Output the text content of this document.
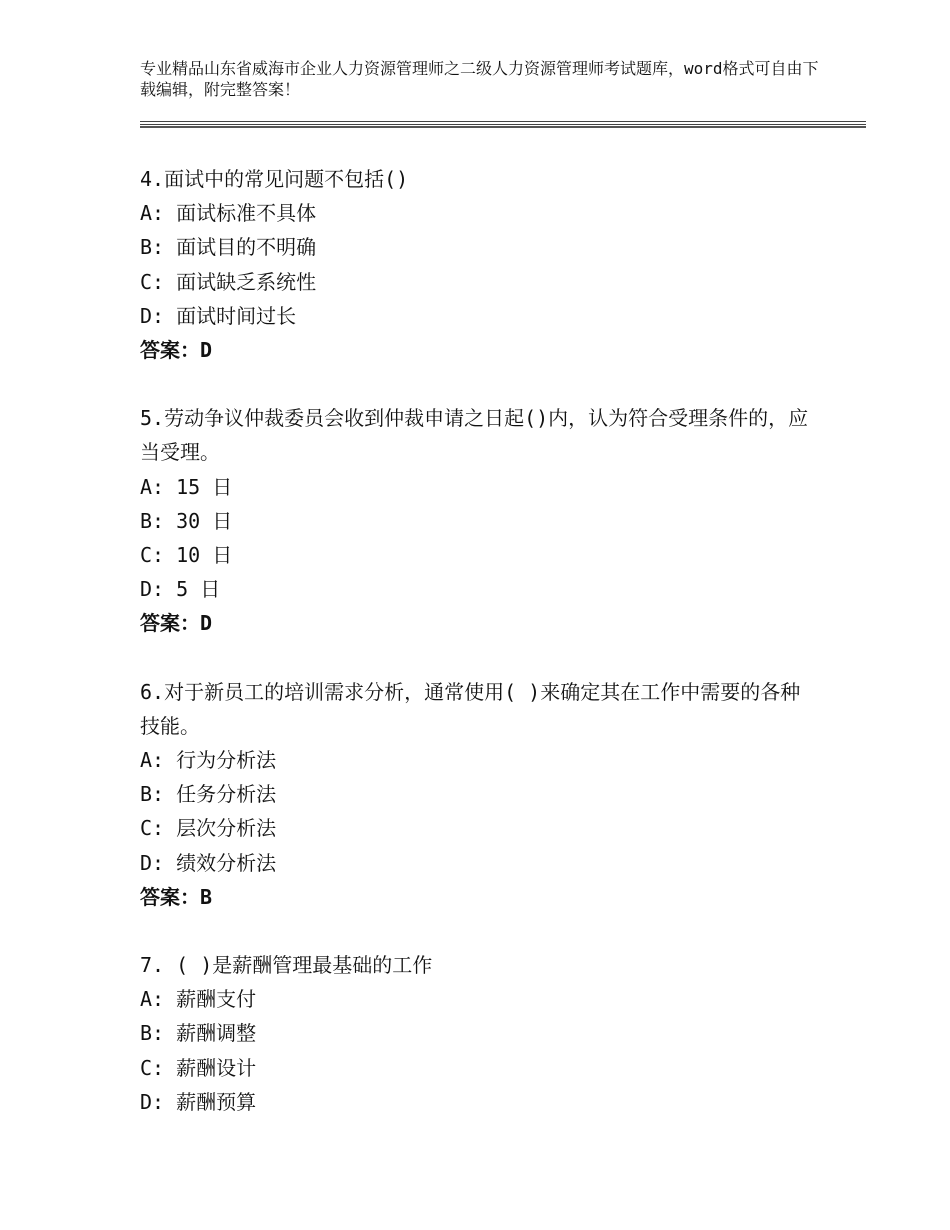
专业精品山东省威海市企业人力资源管理师之二级人力资源管理师考试题库，word格式可自由下载编辑，附完整答案！
4.面试中的常见问题不包括()
A: 面试标准不具体
B: 面试目的不明确
C: 面试缺乏系统性
D: 面试时间过长
答案：D
5.劳动争议仲裁委员会收到仲裁申请之日起()内，认为符合受理条件的，应当受理。
A: 15 日
B: 30 日
C: 10 日
D: 5 日
答案：D
6.对于新员工的培训需求分析，通常使用( )来确定其在工作中需要的各种技能。
A: 行为分析法
B: 任务分析法
C: 层次分析法
D: 绩效分析法
答案：B
7. ( )是薪酬管理最基础的工作
A: 薪酬支付
B: 薪酬调整
C: 薪酬设计
D: 薪酬预算
